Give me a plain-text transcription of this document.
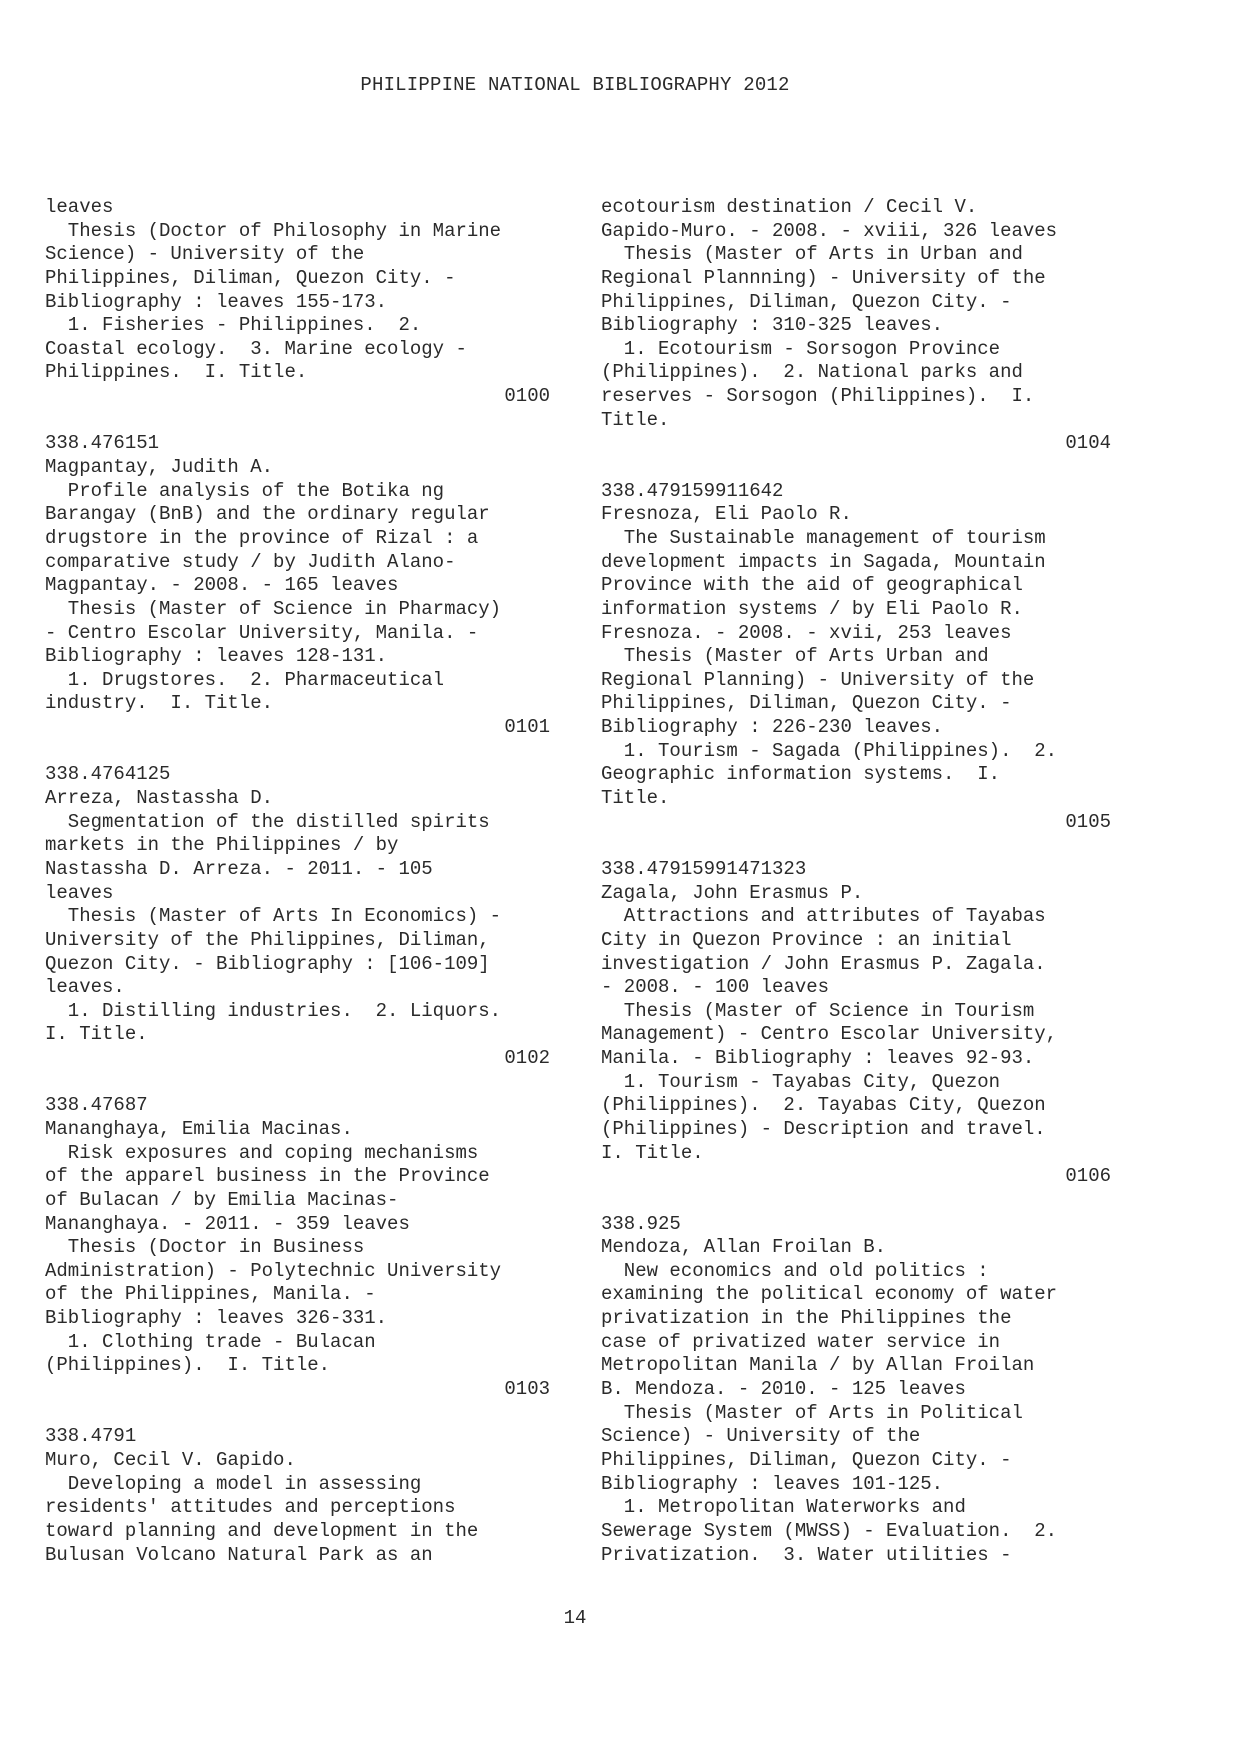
PHILIPPINE NATIONAL BIBLIOGRAPHY 2012
leaves
Thesis (Doctor of Philosophy in Marine
Science) - University of the
Philippines, Diliman, Quezon City. -
Bibliography : leaves 155-173.
1. Fisheries - Philippines.  2.
Coastal ecology.  3. Marine ecology -
Philippines.  I. Title.
0100
338.476151
Magpantay, Judith A.
Profile analysis of the Botika ng
Barangay (BnB) and the ordinary regular
drugstore in the province of Rizal : a
comparative study / by Judith Alano-
Magpantay. - 2008. - 165 leaves
Thesis (Master of Science in Pharmacy)
- Centro Escolar University, Manila. -
Bibliography : leaves 128-131.
1. Drugstores.  2. Pharmaceutical
industry.  I. Title.
0101
338.4764125
Arreza, Nastassha D.
Segmentation of the distilled spirits
markets in the Philippines / by
Nastassha D. Arreza. - 2011. - 105
leaves
Thesis (Master of Arts In Economics) -
University of the Philippines, Diliman,
Quezon City. - Bibliography : [106-109]
leaves.
1. Distilling industries.  2. Liquors.
I. Title.
0102
338.47687
Mananghaya, Emilia Macinas.
Risk exposures and coping mechanisms
of the apparel business in the Province
of Bulacan / by Emilia Macinas-
Mananghaya. - 2011. - 359 leaves
Thesis (Doctor in Business
Administration) - Polytechnic University
of the Philippines, Manila. -
Bibliography : leaves 326-331.
1. Clothing trade - Bulacan
(Philippines).  I. Title.
0103
338.4791
Muro, Cecil V. Gapido.
Developing a model in assessing
residents' attitudes and perceptions
toward planning and development in the
Bulusan Volcano Natural Park as an
ecotourism destination / Cecil V.
Gapido-Muro. - 2008. - xviii, 326 leaves
Thesis (Master of Arts in Urban and
Regional Plannning) - University of the
Philippines, Diliman, Quezon City. -
Bibliography : 310-325 leaves.
1. Ecotourism - Sorsogon Province
(Philippines).  2. National parks and
reserves - Sorsogon (Philippines).  I.
Title.
0104
338.479159911642
Fresnoza, Eli Paolo R.
The Sustainable management of tourism
development impacts in Sagada, Mountain
Province with the aid of geographical
information systems / by Eli Paolo R.
Fresnoza. - 2008. - xvii, 253 leaves
Thesis (Master of Arts Urban and
Regional Planning) - University of the
Philippines, Diliman, Quezon City. -
Bibliography : 226-230 leaves.
1. Tourism - Sagada (Philippines).  2.
Geographic information systems.  I.
Title.
0105
338.47915991471323
Zagala, John Erasmus P.
Attractions and attributes of Tayabas
City in Quezon Province : an initial
investigation / John Erasmus P. Zagala.
- 2008. - 100 leaves
Thesis (Master of Science in Tourism
Management) - Centro Escolar University,
Manila. - Bibliography : leaves 92-93.
1. Tourism - Tayabas City, Quezon
(Philippines).  2. Tayabas City, Quezon
(Philippines) - Description and travel.
I. Title.
0106
338.925
Mendoza, Allan Froilan B.
New economics and old politics :
examining the political economy of water
privatization in the Philippines the
case of privatized water service in
Metropolitan Manila / by Allan Froilan
B. Mendoza. - 2010. - 125 leaves
Thesis (Master of Arts in Political
Science) - University of the
Philippines, Diliman, Quezon City. -
Bibliography : leaves 101-125.
1. Metropolitan Waterworks and
Sewerage System (MWSS) - Evaluation.  2.
Privatization.  3. Water utilities -
14
